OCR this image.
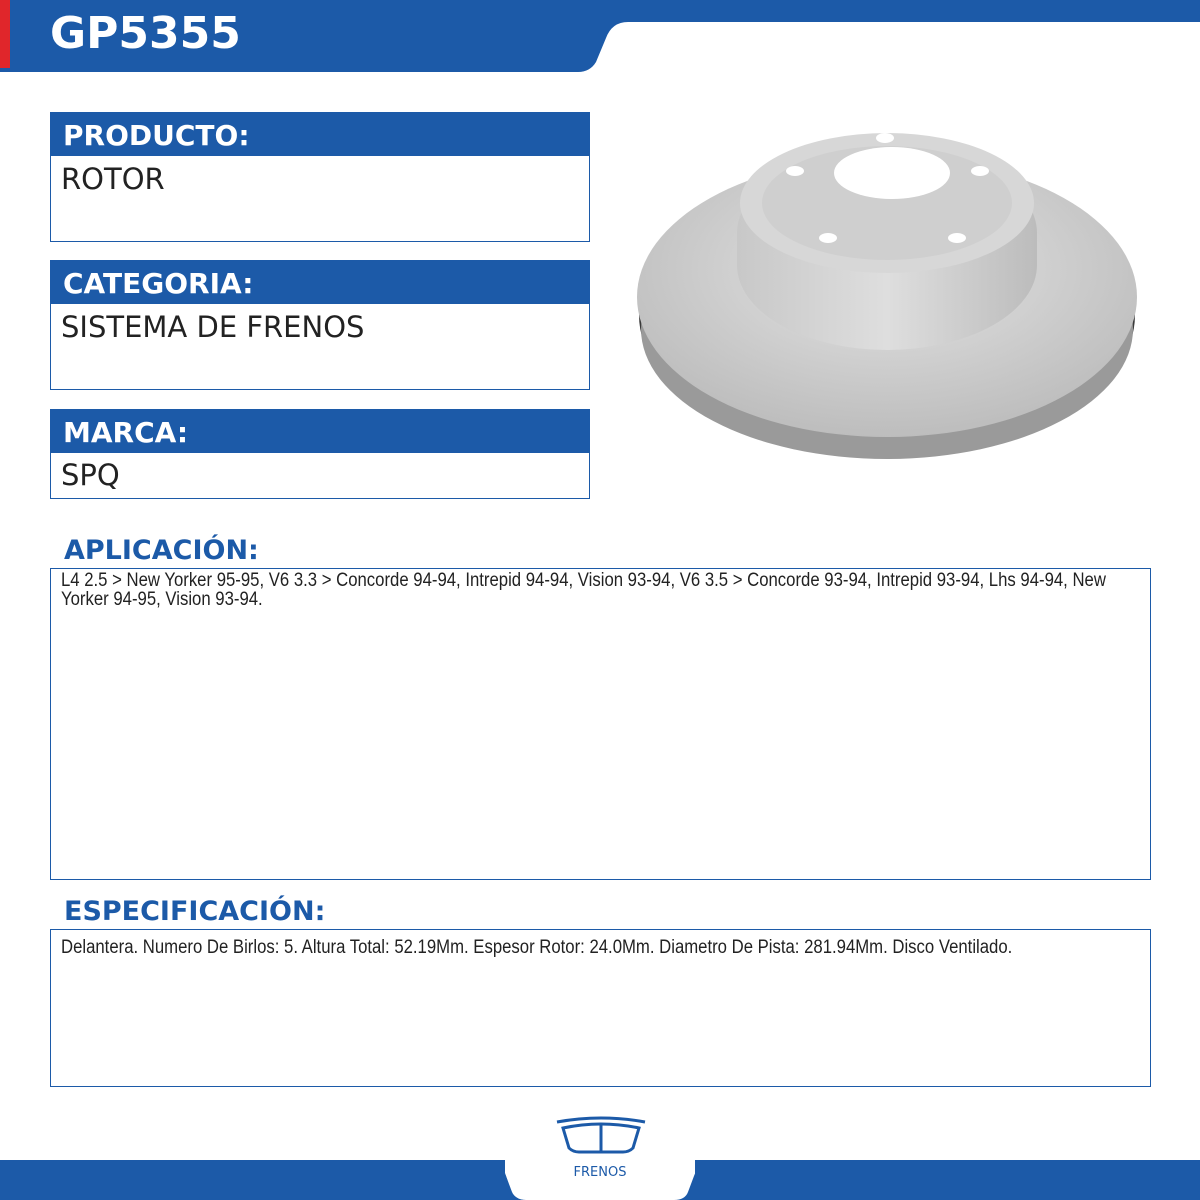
GP5355
PRODUCTO:
ROTOR
CATEGORIA:
SISTEMA DE FRENOS
MARCA:
SPQ
APLICACIÓN:
L4 2.5 > New Yorker 95-95, V6 3.3 > Concorde 94-94, Intrepid 94-94, Vision 93-94, V6 3.5 > Concorde 93-94, Intrepid 93-94, Lhs 94-94, New Yorker 94-95, Vision 93-94.
ESPECIFICACIÓN:
Delantera. Numero De Birlos: 5. Altura Total: 52.19Mm. Espesor Rotor: 24.0Mm. Diametro De Pista: 281.94Mm. Disco Ventilado.
FRENOS
